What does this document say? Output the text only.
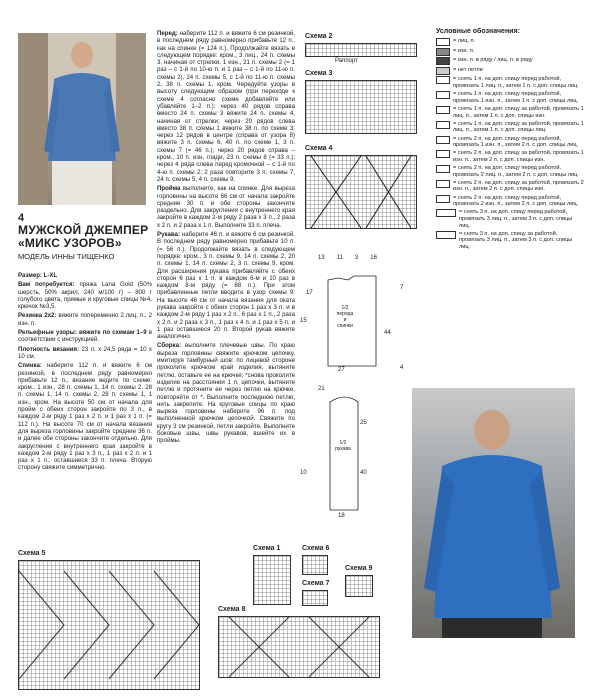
4
МУЖСКОЙ ДЖЕМПЕР «МИКС УЗОРОВ»
МОДЕЛЬ ИННЫ ТИЩЕНКО
Размер: L-XL
Вам потребуется: пряжа Lana Gold (50% шерсть, 50% акрил, 240 м/100 г) – 800 г голубого цвета, прямые и круговые спицы №4, крючок №3,5.
Резинка 2х2: вяжите попеременно 2 лиц. п., 2 изн. п.
Рельефные узоры: вяжите по схемам 1–9 в соответствии с инструкцией.
Плотность вязания: 23 п. х 24,5 ряда = 10 х 10 см.
Спинка: наберите 112 п. и вяжите 6 см резинкой, в последнем ряду равномерно прибавьте 12 п., вязание ведите по схеме: кром., 1 изн., 28 п. схемы 1, 14 п. схемы 2, 28 п. схемы 1, 14 п. схемы 2, 28 п. схемы 1, 1 изн., кром. На высоте 50 см от начала для пройм с обеих сторон закройте по 3 п., в каждом 2-м ряду 1 раз х 2 п. и 1 раз х 1 п. (= 112 п.). На высоте 70 см от начала вязания для выреза горловины закройте средние 36 п. и далее обе стороны закончите отдельно. Для закругления с внутреннего края закройте в каждом 2-м ряду 1 раз х 3 п., 1 раз х 2 п. и 1 раз х 1 п., оставшиеся 33 п. плеча. Вторую сторону свяжите симметрично.
Перед: наберите 112 п. и вяжите 6 см резинкой, в последнем ряду равномерно прибавьте 12 п., как на спинке (= 124 п.). Продолжайте вязать в следующем порядке: кром., 3 лиц., 24 п. схемы 3, начиная от стрелки, 1 изн., 21 п. схемы 2 (= 1 раз – с 1-й по 10-ю п. и 1 раз – с 1-й по 11-ю п. схемы 2), 24 п. схемы 5, с 1-й по 11-ю п. схемы 2, 38 п. схемы 1, кром. Чередуйте узоры в высоту следующим образом (при переходе к схеме 4 согласно схеме добавляйте или убавляйте 1–2 п.): через 40 рядов справа вместо 24 п. схемы 3 вяжите 24 п. схемы 4, начиная от стрелки; через 20 рядов слева вместо 38 п. схемы 1 вяжите 38 п. по схеме 3; через 12 рядов в центре (справа от узора 8) вяжите 3 п. схемы 6, 40 п. по схеме 1, 3 п. схемы 7 (= 46 п.); через 20 рядов справа – кром., 10 п. изн. глади, 23 п. схемы 8 (= 33 п.); через 4 ряда слева перед кромочной – с 1-й по 4-ю п. схемы 2; 2 раза повторите 3 п. схемы 7, 24 п. схемы 5, 4 п. схемы 9.
Пройма выполните, как на спинке. Для выреза горловины на высоте 66 см от начала закройте средние 30 п. и обе стороны закончите раздельно. Для закругления с внутреннего края закройте в каждом 2-м ряду 2 раза х 3 п., 2 раза х 2 п. и 2 раза х 1 п. Выполните 33 п. плеча.
Рукава: наберите 46 п. и вяжите 6 см резинкой. В последнем ряду равномерно прибавьте 10 п. (= 56 п.). Продолжайте вязать в следующем порядке: кром., 3 п. схемы 9, 14 п. схемы 2, 20 п. схемы 1, 14 п. схемы 2, 3 п. схемы 9, кром. Для расширения рукава прибавляйте с обеих сторон 6 раз х 1 п. в каждом 6-м и 10 раз в каждом 8-м ряду (= 88 п.). При этом прибавленные петли вводите в узор схемы 9. На высоте 46 см от начала вязания для оката рукава закройте с обеих сторон 1 раз х 3 п. и в каждом 2-м ряду 1 раз х 2 п., 6 раз х 1 п., 2 раза х 2 п. и 2 раза х 3 п., 1 раз х 4 п. и 1 раз х 5 п. и 1 раз оставшиеся 20 п. Второй рукав вяжите аналогично.
Сборка: выполните плечевые швы. По краю выреза горловины свяжите крючком цепочку, имитируя тамбурный шов: по лицевой стороне проколите крючком край изделия, вытяните петлю, оставьте ее на крючке; *снова проколите изделие на расстоянии 1 п. цепочки, вытяните петлю и протяните ее через петлю на крючке, повторяйте от *. Выполните последнюю петлю, нить закрепите. На круговые спицы по краю выреза горловины наберите 96 п. под выполненной крючком цепочкой. Свяжите по кругу 3 см резинкой, петли закройте. Выполните боковые швы, швы рукавов, вшейте их в проймы.
Схема 2
Раппорт
Схема 3
Схема 4
13 11 3 16
1/2 переда и спинки
44
27
17
15
7
4
1/2 рукава
21
25
40
18
10
Условные обозначения:
= лиц. п.
= изн. п.
= изн. п. в ряду / лиц. п. в ряду
= нет петли
= снять 1 п. на доп. спицу перед работой, провязать 1 лиц. п., затем 1 п. с доп. спицы лиц.
= снять 1 п. на доп. спицу перед работой, провязать 1 изн. п., затем 1 п. с доп. спицы лиц.
= снять 1 п. на доп. спицу за работой, провязать 1 лиц. п., затем 1 п. с доп. спицы изн.
= снять 1 п. на доп. спицу за работой, провязать 1 лиц. п., затем 1 п. с доп. спицы лиц.
= снять 2 п. на доп. спицу перед работой, провязать 1 изн. п., затем 2 п. с доп. спицы лиц.
= снять 2 п. на доп. спицу за работой, провязать 1 изн. п., затем 2 п. с доп. спицы изн.
= снять 2 п. на доп. спицу перед работой, провязать 2 лиц. п., затем 2 п. с доп. спицы лиц.
= снять 2 п. на доп. спицу за работой, провязать 2 изн. п., затем 2 п. с доп. спицы изн.
= снять 2 п. на доп. спицу перед работой, провязать 2 изн. п., затем 2 п. с доп. спицы лиц.
= снять 3 п. на доп. спицу перед работой, провязать 3 лиц. п., затем 3 п. с доп. спицы лиц.
= снять 3 п. на доп. спицу за работой, провязать 3 лиц. п., затем 3 п. с доп. спицы лиц.
Схема 5
Схема 1	Схема 6
Схема 7
Схема 9
Схема 8
